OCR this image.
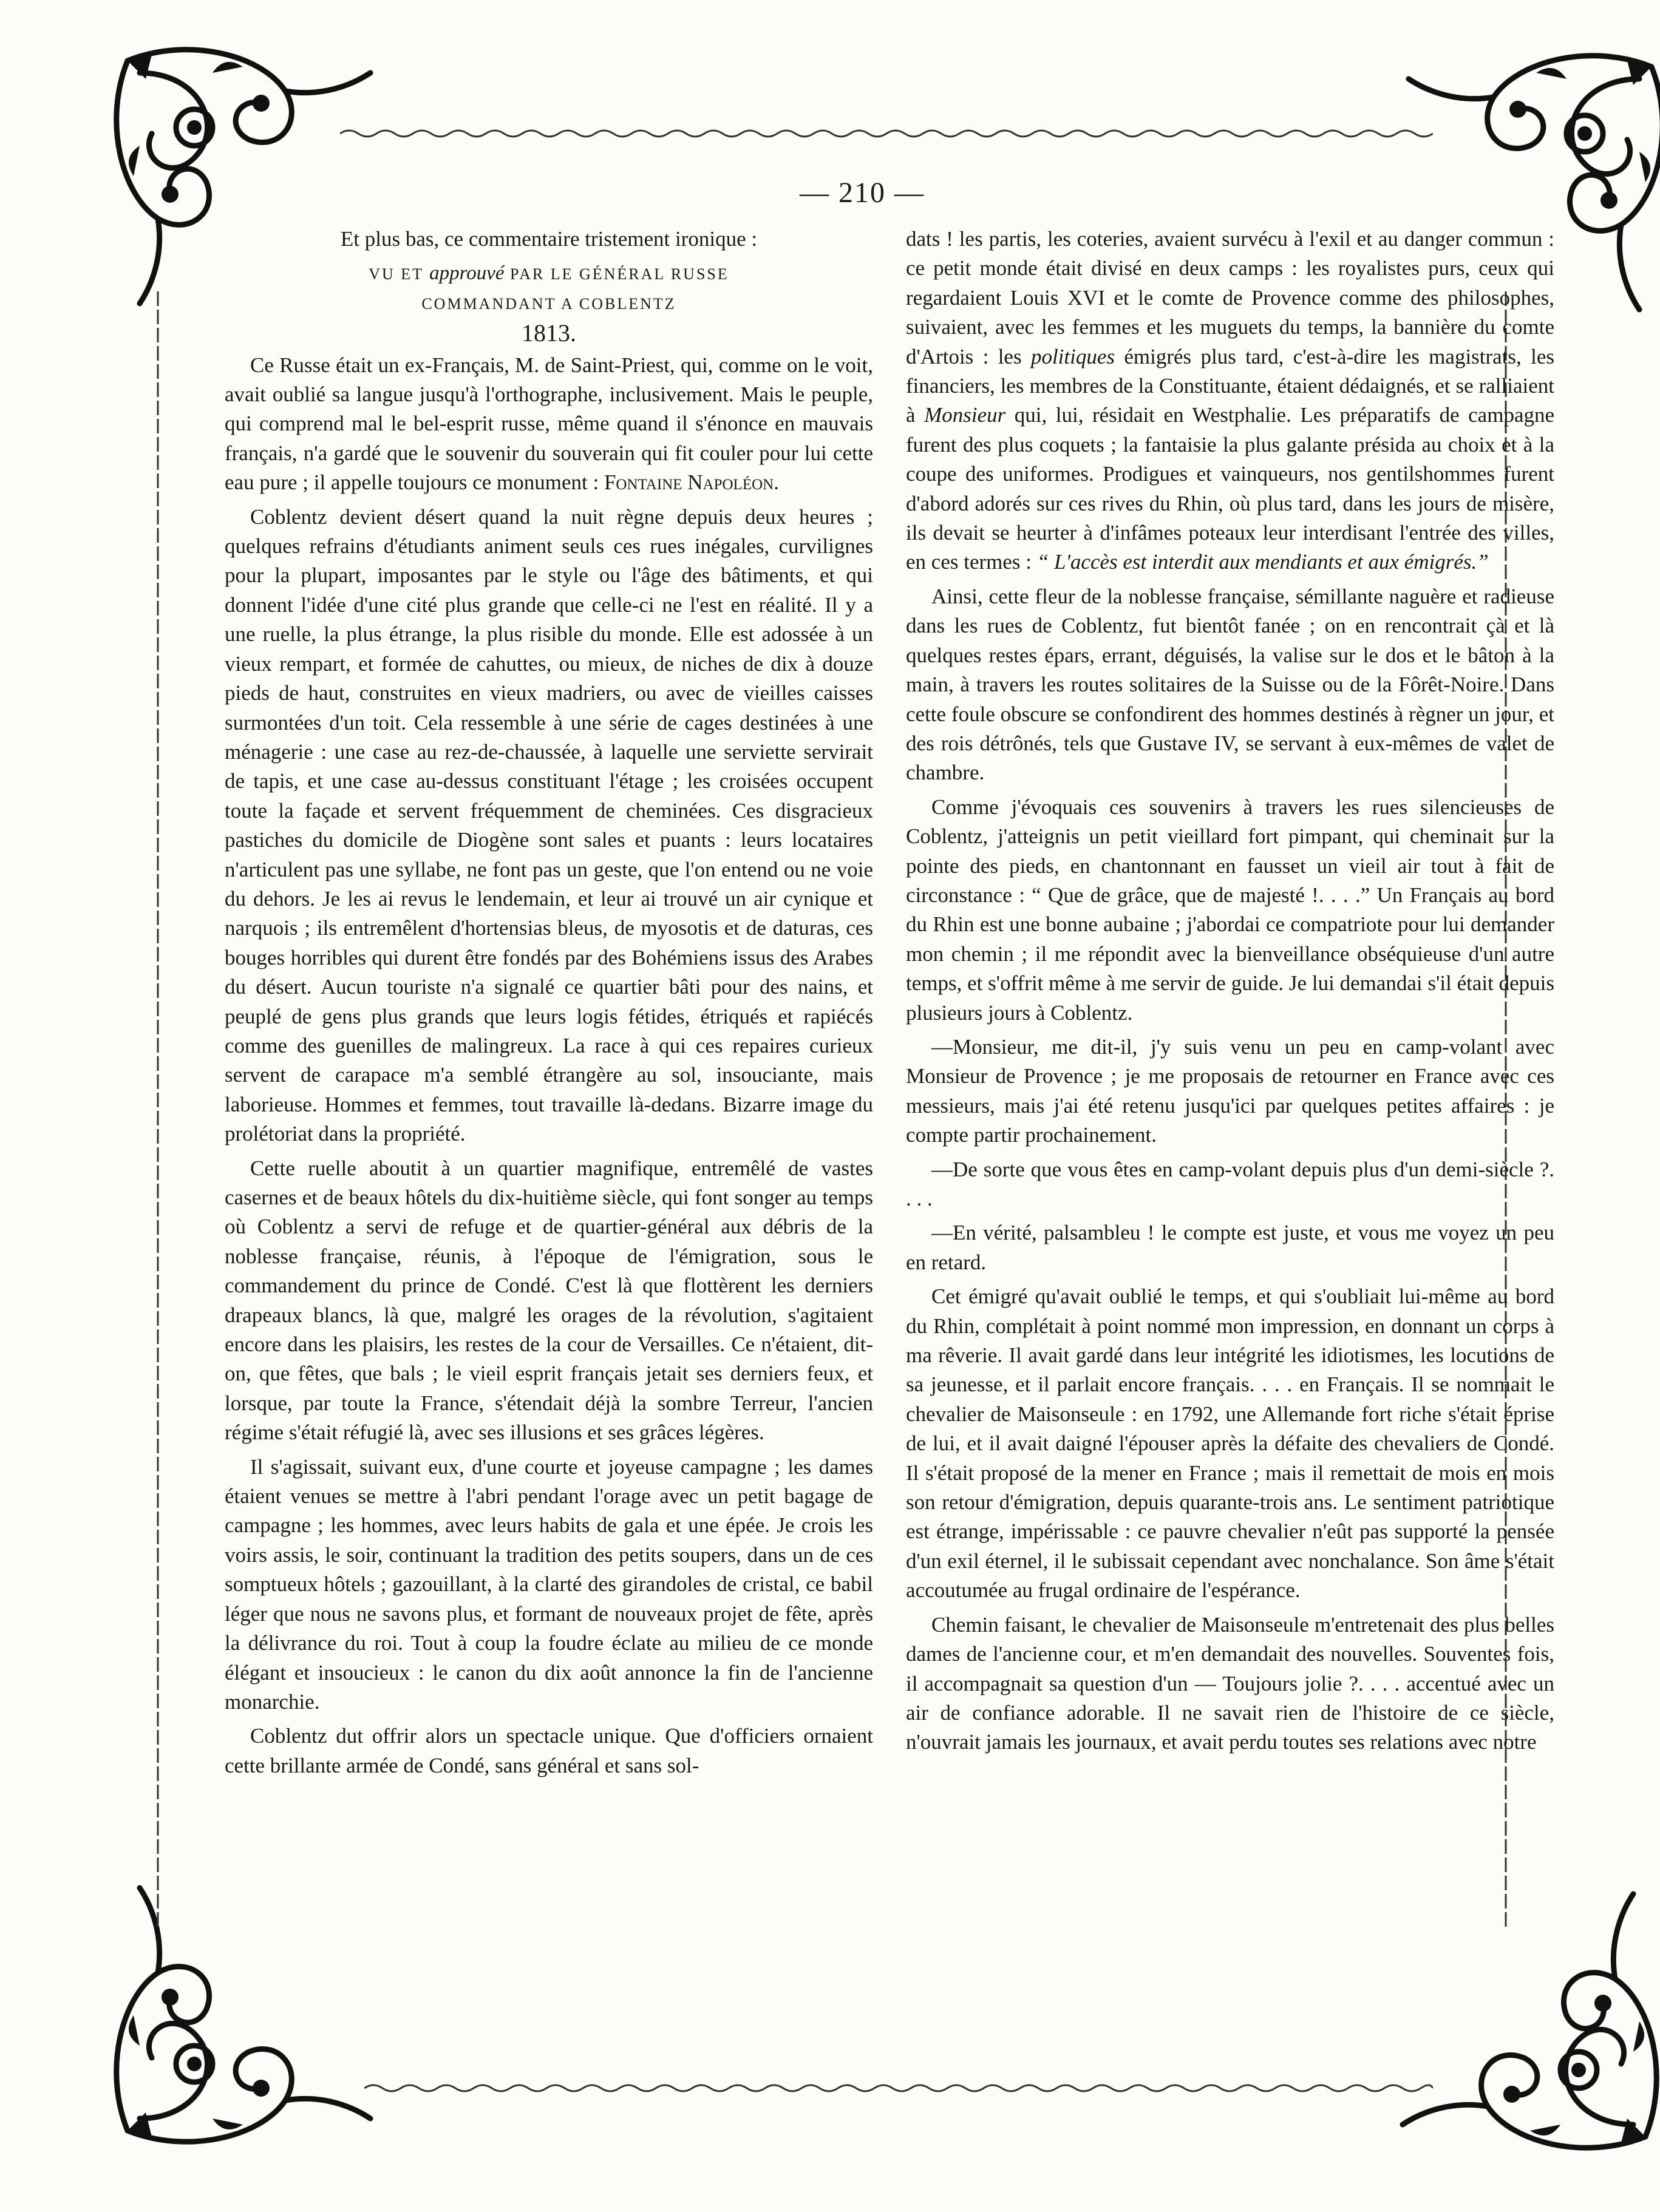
— 210 —

Et plus bas, ce commentaire tristement ironique :

VU ET approuvé PAR LE GÉNÉRAL RUSSE

COMMANDANT A COBLENTZ

1813.

Ce Russe était un ex-Français, M. de Saint-Priest, qui, comme on le voit, avait oublié sa langue jusqu'à l'orthographe, inclusivement. Mais le peuple, qui comprend mal le bel-esprit russe, même quand il s'énonce en mauvais français, n'a gardé que le souvenir du souverain qui fit couler pour lui cette eau pure ; il appelle toujours ce monument : Fontaine Napoléon.

Coblentz devient désert quand la nuit règne depuis deux heures ; quelques refrains d'étudiants animent seuls ces rues inégales, curvilignes pour la plupart, imposantes par le style ou l'âge des bâtiments, et qui donnent l'idée d'une cité plus grande que celle-ci ne l'est en réalité. Il y a une ruelle, la plus étrange, la plus risible du monde. Elle est adossée à un vieux rempart, et formée de cahuttes, ou mieux, de niches de dix à douze pieds de haut, construites en vieux madriers, ou avec de vieilles caisses surmontées d'un toit. Cela ressemble à une série de cages destinées à une ménagerie : une case au rez-de-chaussée, à laquelle une serviette servirait de tapis, et une case au-dessus constituant l'étage ; les croisées occupent toute la façade et servent fréquemment de cheminées. Ces disgracieux pastiches du domicile de Diogène sont sales et puants : leurs locataires n'articulent pas une syllabe, ne font pas un geste, que l'on entend ou ne voie du dehors. Je les ai revus le lendemain, et leur ai trouvé un air cynique et narquois ; ils entremêlent d'hortensias bleus, de myosotis et de daturas, ces bouges horribles qui durent être fondés par des Bohémiens issus des Arabes du désert. Aucun touriste n'a signalé ce quartier bâti pour des nains, et peuplé de gens plus grands que leurs logis fétides, étriqués et rapiécés comme des guenilles de malingreux. La race à qui ces repaires curieux servent de carapace m'a semblé étrangère au sol, insouciante, mais laborieuse. Hommes et femmes, tout travaille là-dedans. Bizarre image du prolétoriat dans la propriété.

Cette ruelle aboutit à un quartier magnifique, entremêlé de vastes casernes et de beaux hôtels du dix-huitième siècle, qui font songer au temps où Coblentz a servi de refuge et de quartier-général aux débris de la noblesse française, réunis, à l'époque de l'émigration, sous le commandement du prince de Condé. C'est là que flottèrent les derniers drapeaux blancs, là que, malgré les orages de la révolution, s'agitaient encore dans les plaisirs, les restes de la cour de Versailles. Ce n'étaient, dit-on, que fêtes, que bals ; le vieil esprit français jetait ses derniers feux, et lorsque, par toute la France, s'étendait déjà la sombre Terreur, l'ancien régime s'était réfugié là, avec ses illusions et ses grâces légères.

Il s'agissait, suivant eux, d'une courte et joyeuse campagne ; les dames étaient venues se mettre à l'abri pendant l'orage avec un petit bagage de campagne ; les hommes, avec leurs habits de gala et une épée. Je crois les voirs assis, le soir, continuant la tradition des petits soupers, dans un de ces somptueux hôtels ; gazouillant, à la clarté des girandoles de cristal, ce babil léger que nous ne savons plus, et formant de nouveaux projet de fête, après la délivrance du roi. Tout à coup la foudre éclate au milieu de ce monde élégant et insoucieux : le canon du dix août annonce la fin de l'ancienne monarchie.

Coblentz dut offrir alors un spectacle unique. Que d'officiers ornaient cette brillante armée de Condé, sans général et sans sol-

dats ! les partis, les coteries, avaient survécu à l'exil et au danger commun : ce petit monde était divisé en deux camps : les royalistes purs, ceux qui regardaient Louis XVI et le comte de Provence comme des philosophes, suivaient, avec les femmes et les muguets du temps, la bannière du comte d'Artois : les politiques émigrés plus tard, c'est-à-dire les magistrats, les financiers, les membres de la Constituante, étaient dédaignés, et se ralliaient à Monsieur qui, lui, résidait en Westphalie. Les préparatifs de campagne furent des plus coquets ; la fantaisie la plus galante présida au choix et à la coupe des uniformes. Prodigues et vainqueurs, nos gentilshommes furent d'abord adorés sur ces rives du Rhin, où plus tard, dans les jours de misère, ils devait se heurter à d'infâmes poteaux leur interdisant l'entrée des villes, en ces termes : “ L'accès est interdit aux mendiants et aux émigrés.”

Ainsi, cette fleur de la noblesse française, sémillante naguère et radieuse dans les rues de Coblentz, fut bientôt fanée ; on en rencontrait çà et là quelques restes épars, errant, déguisés, la valise sur le dos et le bâton à la main, à travers les routes solitaires de la Suisse ou de la Fôrêt-Noire. Dans cette foule obscure se confondirent des hommes destinés à règner un jour, et des rois détrônés, tels que Gustave IV, se servant à eux-mêmes de valet de chambre.

Comme j'évoquais ces souvenirs à travers les rues silencieuses de Coblentz, j'atteignis un petit vieillard fort pimpant, qui cheminait sur la pointe des pieds, en chantonnant en fausset un vieil air tout à fait de circonstance : “ Que de grâce, que de majesté !. . . .” Un Français au bord du Rhin est une bonne aubaine ; j'abordai ce compatriote pour lui demander mon chemin ; il me répondit avec la bienveillance obséquieuse d'un autre temps, et s'offrit même à me servir de guide. Je lui demandai s'il était depuis plusieurs jours à Coblentz.

—Monsieur, me dit-il, j'y suis venu un peu en camp-volant avec Monsieur de Provence ; je me proposais de retourner en France avec ces messieurs, mais j'ai été retenu jusqu'ici par quelques petites affaires : je compte partir prochainement.

—De sorte que vous êtes en camp-volant depuis plus d'un demi-siècle ?. . . .

—En vérité, palsambleu ! le compte est juste, et vous me voyez un peu en retard.

Cet émigré qu'avait oublié le temps, et qui s'oubliait lui-même au bord du Rhin, complétait à point nommé mon impression, en donnant un corps à ma rêverie. Il avait gardé dans leur intégrité les idiotismes, les locutions de sa jeunesse, et il parlait encore français. . . . en Français. Il se nommait le chevalier de Maisonseule : en 1792, une Allemande fort riche s'était éprise de lui, et il avait daigné l'épouser après la défaite des chevaliers de Condé. Il s'était proposé de la mener en France ; mais il remettait de mois en mois son retour d'émigration, depuis quarante-trois ans. Le sentiment patriotique est étrange, impérissable : ce pauvre chevalier n'eût pas supporté la pensée d'un exil éternel, il le subissait cependant avec nonchalance. Son âme s'était accoutumée au frugal ordinaire de l'espérance.

Chemin faisant, le chevalier de Maisonseule m'entretenait des plus belles dames de l'ancienne cour, et m'en demandait des nouvelles. Souventes fois, il accompagnait sa question d'un — Toujours jolie ?. . . . accentué avec un air de confiance adorable. Il ne savait rien de l'histoire de ce siècle, n'ouvrait jamais les journaux, et avait perdu toutes ses relations avec notre
